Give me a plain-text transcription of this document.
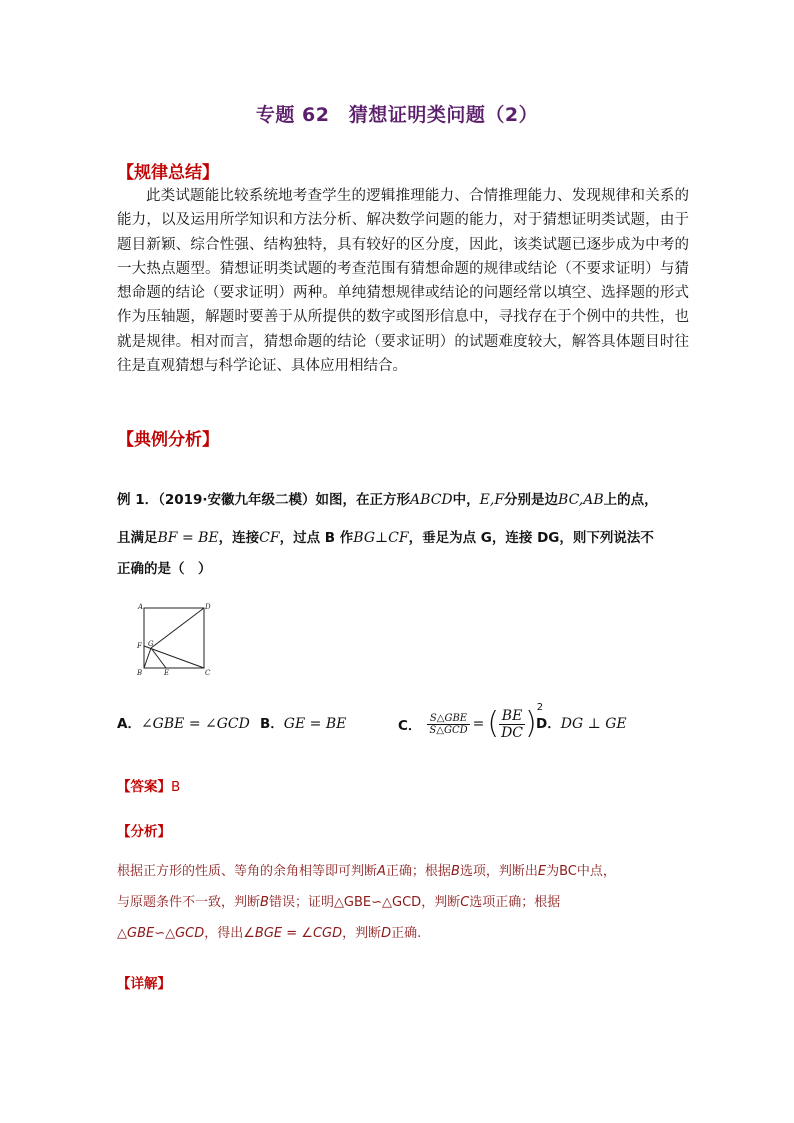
专题 62　猜想证明类问题（2）
【规律总结】

此类试题能比较系统地考查学生的逻辑推理能力、合情推理能力、发现规律和关系的能力，以及运用所学知识和方法分析、解决数学问题的能力，对于猜想证明类试题，由于题目新颖、综合性强、结构独特，具有较好的区分度，因此，该类试题已逐步成为中考的一大热点题型。猜想证明类试题的考查范围有猜想命题的规律或结论（不要求证明）与猜想命题的结论（要求证明）两种。单纯猜想规律或结论的问题经常以填空、选择题的形式作为压轴题，解题时要善于从所提供的数字或图形信息中，寻找存在于个例中的共性，也就是规律。相对而言，猜想命题的结论（要求证明）的试题难度较大，解答具体题目时往往是直观猜想与科学论证、具体应用相结合。

【典例分析】
例 1．（2019·安徽九年级二模）如图，在正方形ABCD中，E,F分别是边BC,AB上的点，
且满足BF = BE，连接CF，过点 B 作BG⊥CF，垂足为点 G，连接 DG，则下列说法不
正确的是（　）
A	D
F G
B	E	C
A．∠GBE = ∠GCD B．GE = BE	C． $\frac{\text{S△GBE}}{\text{S△GCD}}$ = ( $\frac{BE}{DC}$ ) 2
D．DG ⊥ GE
【答案】B
【分析】
根据正方形的性质、等角的余角相等即可判断A正确；根据B选项，判断出E为BC中点，
与原题条件不一致，判断B错误；证明△GBE∽△GCD，判断C选项正确；根据
△GBE∽△GCD，得出∠BGE = ∠CGD，判断D正确.
【详解】
